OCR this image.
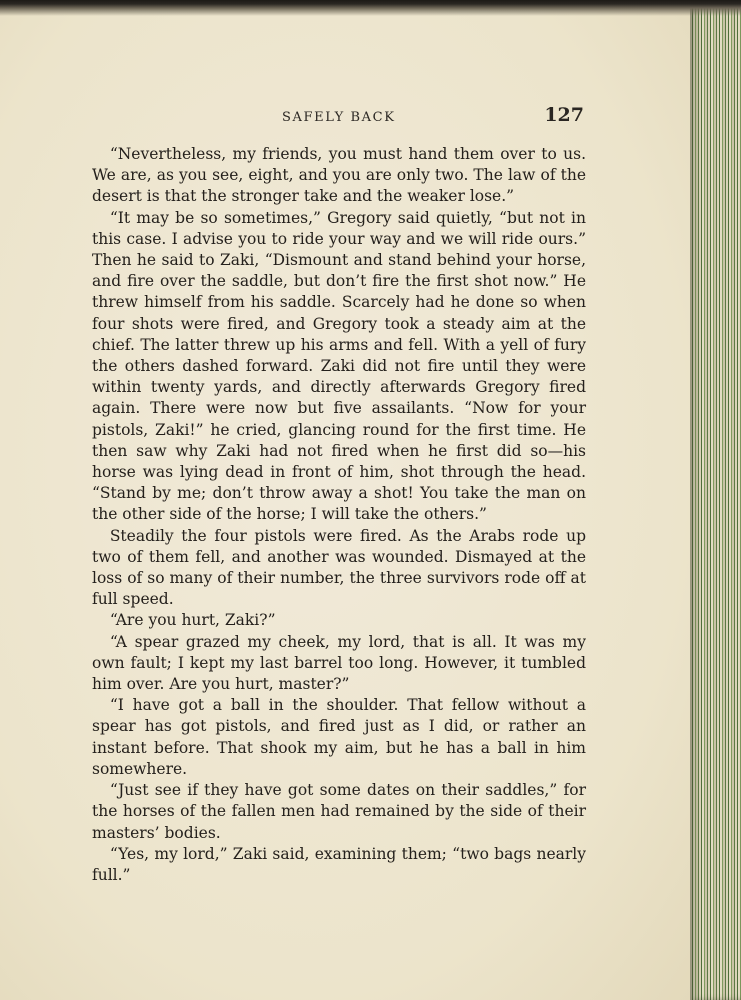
SAFELY BACK	127

“Nevertheless, my friends, you must hand them over to us. We are, as you see, eight, and you are only two. The law of the desert is that the stronger take and the weaker lose.”

“It may be so sometimes,” Gregory said quietly, “but not in this case. I advise you to ride your way and we will ride ours.” Then he said to Zaki, “Dismount and stand behind your horse, and fire over the saddle, but don’t fire the first shot now.” He threw himself from his saddle. Scarcely had he done so when four shots were fired, and Gregory took a steady aim at the chief. The latter threw up his arms and fell. With a yell of fury the others dashed forward. Zaki did not fire until they were within twenty yards, and directly afterwards Gregory fired again. There were now but five assailants. “Now for your pistols, Zaki!” he cried, glancing round for the first time. He then saw why Zaki had not fired when he first did so—his horse was lying dead in front of him, shot through the head. “Stand by me; don’t throw away a shot! You take the man on the other side of the horse; I will take the others.”

Steadily the four pistols were fired. As the Arabs rode up two of them fell, and another was wounded. Dismayed at the loss of so many of their number, the three survivors rode off at full speed.

“Are you hurt, Zaki?”

“A spear grazed my cheek, my lord, that is all. It was my own fault; I kept my last barrel too long. However, it tumbled him over. Are you hurt, master?”

“I have got a ball in the shoulder. That fellow without a spear has got pistols, and fired just as I did, or rather an instant before. That shook my aim, but he has a ball in him somewhere.

“Just see if they have got some dates on their saddles,” for the horses of the fallen men had remained by the side of their masters’ bodies.

“Yes, my lord,” Zaki said, examining them; “two bags nearly full.”
